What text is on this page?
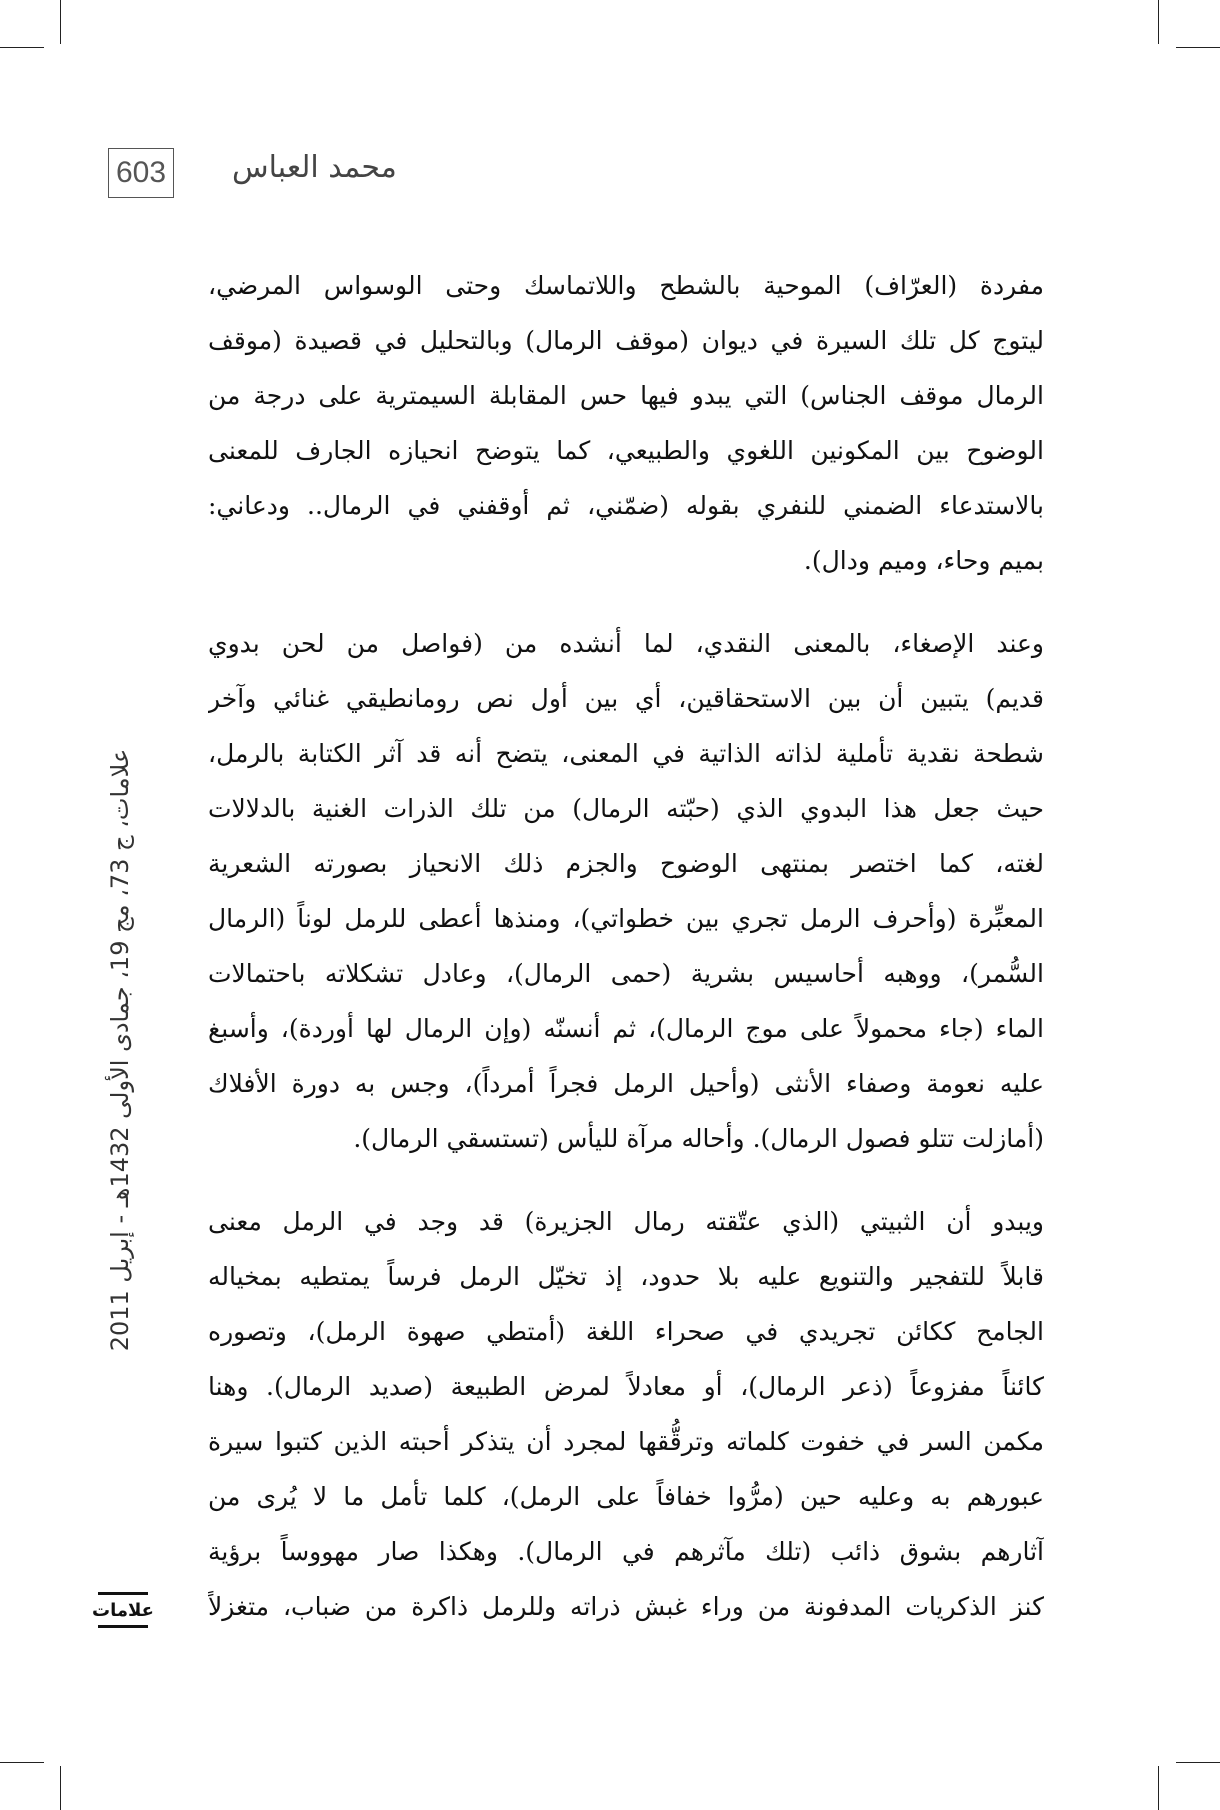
603 محمد العباس
مفردة (العرّاف) الموحية بالشطح واللاتماسك وحتى الوسواس المرضي،
ليتوج كل تلك السيرة في ديوان (موقف الرمال) وبالتحليل في قصيدة (موقف
الرمال موقف الجناس) التي يبدو فيها حس المقابلة السيمترية على درجة من
الوضوح بين المكونين اللغوي والطبيعي، كما يتوضح انحيازه الجارف للمعنى
بالاستدعاء الضمني للنفري بقوله (ضمّني، ثم أوقفني في الرمال.. ودعاني:
بميم وحاء، وميم ودال).
وعند الإصغاء، بالمعنى النقدي، لما أنشده من (فواصل من لحن بدوي
قديم) يتبين أن بين الاستحقاقين، أي بين أول نص رومانطيقي غنائي وآخر
شطحة نقدية تأملية لذاته الذاتية في المعنى، يتضح أنه قد آثر الكتابة بالرمل،
حيث جعل هذا البدوي الذي (حبّته الرمال) من تلك الذرات الغنية بالدلالات
لغته، كما اختصر بمنتهى الوضوح والجزم ذلك الانحياز بصورته الشعرية
المعبِّرة (وأحرف الرمل تجري بين خطواتي)، ومنذها أعطى للرمل لوناً (الرمال
السُّمر)، ووهبه أحاسيس بشرية (حمى الرمال)، وعادل تشكلاته باحتمالات
الماء (جاء محمولاً على موج الرمال)، ثم أنسنّه (وإن الرمال لها أوردة)، وأسبغ
عليه نعومة وصفاء الأنثى (وأحيل الرمل فجراً أمرداً)، وجس به دورة الأفلاك
(أمازلت تتلو فصول الرمال). وأحاله مرآة لليأس (تستسقي الرمال).
ويبدو أن الثبيتي (الذي عتّقته رمال الجزيرة) قد وجد في الرمل معنى
قابلاً للتفجير والتنويع عليه بلا حدود، إذ تخيّل الرمل فرساً يمتطيه بمخياله
الجامح ككائن تجريدي في صحراء اللغة (أمتطي صهوة الرمل)، وتصوره
كائناً مفزوعاً (ذعر الرمال)، أو معادلاً لمرض الطبيعة (صديد الرمال). وهنا
مكمن السر في خفوت كلماته وترقُّقها لمجرد أن يتذكر أحبته الذين كتبوا سيرة
عبورهم به وعليه حين (مرُّوا خفافاً على الرمل)، كلما تأمل ما لا يُرى من
آثارهم بشوق ذائب (تلك مآثرهم في الرمال). وهكذا صار مهووساً برؤية
كنز الذكريات المدفونة من وراء غبش ذراته وللرمل ذاكرة من ضباب، متغزلاً
علامات، ج 73، مج 19، جمادى الأولى 1432هـ - إبريل 2011
علامات
